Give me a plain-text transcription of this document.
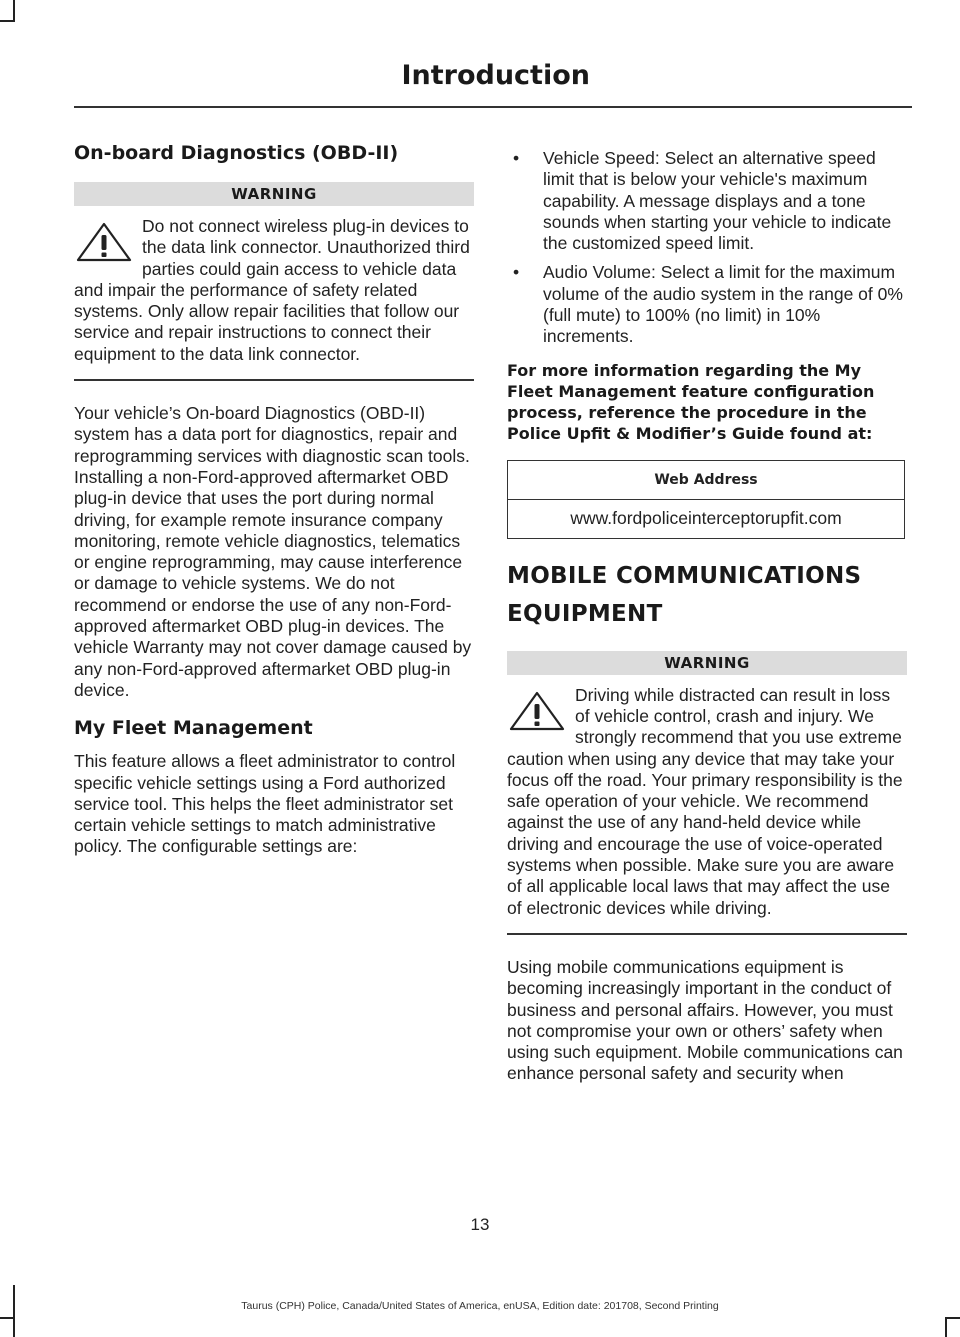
Introduction
On-board Diagnostics (OBD-II)
WARNING

Do not connect wireless plug-in devices to the data link connector. Unauthorized third parties could gain access to vehicle data and impair the performance of safety related systems. Only allow repair facilities that follow our service and repair instructions to connect their equipment to the data link connector.

Your vehicle’s On-board Diagnostics (OBD-II) system has a data port for diagnostics, repair and reprogramming services with diagnostic scan tools. Installing a non-Ford-approved aftermarket OBD plug-in device that uses the port during normal driving, for example remote insurance company monitoring, remote vehicle diagnostics, telematics or engine reprogramming, may cause interference or damage to vehicle systems. We do not recommend or endorse the use of any non-Ford-approved aftermarket OBD plug-in devices. The vehicle Warranty may not cover damage caused by any non-Ford-approved aftermarket OBD plug-in device.

My Fleet Management

This feature allows a fleet administrator to control specific vehicle settings using a Ford authorized service tool. This helps the fleet administrator set certain vehicle settings to match administrative policy. The configurable settings are:

• Vehicle Speed: Select an alternative speed limit that is below your vehicle's maximum capability. A message displays and a tone sounds when starting your vehicle to indicate the customized speed limit.
• Audio Volume: Select a limit for the maximum volume of the audio system in the range of 0% (full mute) to 100% (no limit) in 10% increments.
For more information regarding the My Fleet Management feature configuration process, reference the procedure in the Police Upfit & Modifier’s Guide found at:
Web Address
www.fordpoliceinterceptorupfit.com
MOBILE COMMUNICATIONS
EQUIPMENT
WARNING

Driving while distracted can result in loss of vehicle control, crash and injury. We strongly recommend that you use extreme caution when using any device that may take your focus off the road. Your primary responsibility is the safe operation of your vehicle. We recommend against the use of any hand-held device while driving and encourage the use of voice-operated systems when possible. Make sure you are aware of all applicable local laws that may affect the use of electronic devices while driving.

Using mobile communications equipment is becoming increasingly important in the conduct of business and personal affairs. However, you must not compromise your own or others’ safety when using such equipment. Mobile communications can enhance personal safety and security when

13
Taurus (CPH) Police, Canada/United States of America, enUSA, Edition date: 201708, Second Printing
